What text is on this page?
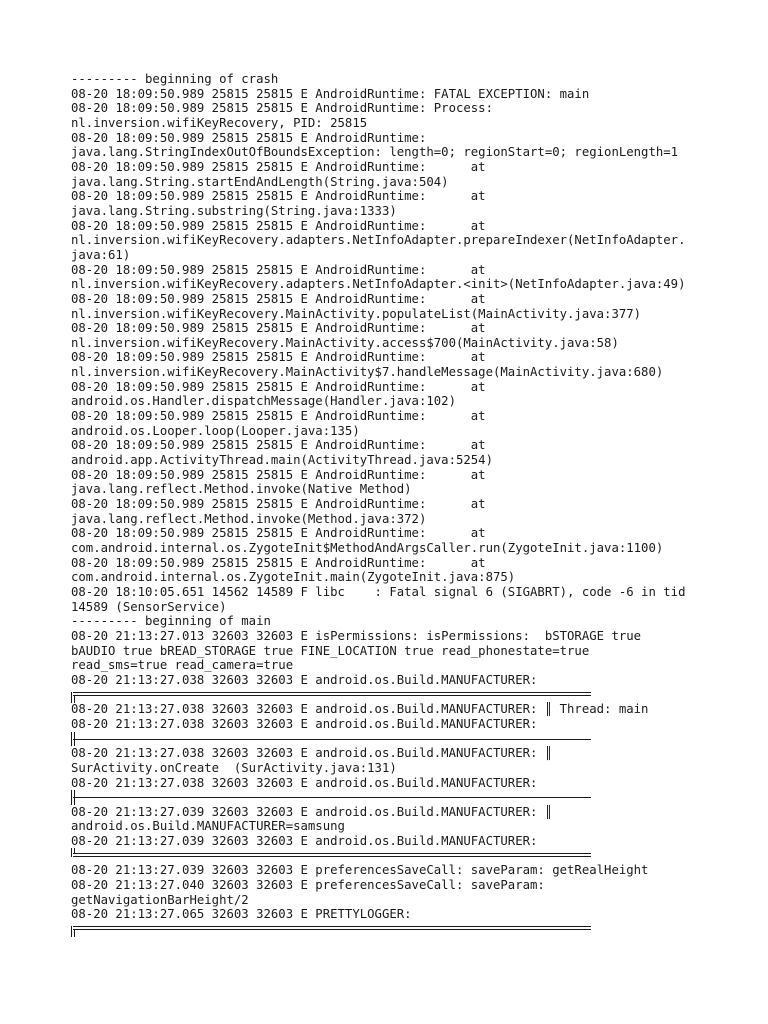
--------- beginning of crash
08-20 18:09:50.989 25815 25815 E AndroidRuntime: FATAL EXCEPTION: main
08-20 18:09:50.989 25815 25815 E AndroidRuntime: Process:
nl.inversion.wifiKeyRecovery, PID: 25815
08-20 18:09:50.989 25815 25815 E AndroidRuntime:
java.lang.StringIndexOutOfBoundsException: length=0; regionStart=0; regionLength=1
08-20 18:09:50.989 25815 25815 E AndroidRuntime:      at
java.lang.String.startEndAndLength(String.java:504)
08-20 18:09:50.989 25815 25815 E AndroidRuntime:      at
java.lang.String.substring(String.java:1333)
08-20 18:09:50.989 25815 25815 E AndroidRuntime:      at
nl.inversion.wifiKeyRecovery.adapters.NetInfoAdapter.prepareIndexer(NetInfoAdapter.
java:61)
08-20 18:09:50.989 25815 25815 E AndroidRuntime:      at
nl.inversion.wifiKeyRecovery.adapters.NetInfoAdapter.<init>(NetInfoAdapter.java:49)
08-20 18:09:50.989 25815 25815 E AndroidRuntime:      at
nl.inversion.wifiKeyRecovery.MainActivity.populateList(MainActivity.java:377)
08-20 18:09:50.989 25815 25815 E AndroidRuntime:      at
nl.inversion.wifiKeyRecovery.MainActivity.access$700(MainActivity.java:58)
08-20 18:09:50.989 25815 25815 E AndroidRuntime:      at
nl.inversion.wifiKeyRecovery.MainActivity$7.handleMessage(MainActivity.java:680)
08-20 18:09:50.989 25815 25815 E AndroidRuntime:      at
android.os.Handler.dispatchMessage(Handler.java:102)
08-20 18:09:50.989 25815 25815 E AndroidRuntime:      at
android.os.Looper.loop(Looper.java:135)
08-20 18:09:50.989 25815 25815 E AndroidRuntime:      at
android.app.ActivityThread.main(ActivityThread.java:5254)
08-20 18:09:50.989 25815 25815 E AndroidRuntime:      at
java.lang.reflect.Method.invoke(Native Method)
08-20 18:09:50.989 25815 25815 E AndroidRuntime:      at
java.lang.reflect.Method.invoke(Method.java:372)
08-20 18:09:50.989 25815 25815 E AndroidRuntime:      at
com.android.internal.os.ZygoteInit$MethodAndArgsCaller.run(ZygoteInit.java:1100)
08-20 18:09:50.989 25815 25815 E AndroidRuntime:      at
com.android.internal.os.ZygoteInit.main(ZygoteInit.java:875)
08-20 18:10:05.651 14562 14589 F libc    : Fatal signal 6 (SIGABRT), code -6 in tid
14589 (SensorService)
--------- beginning of main
08-20 21:13:27.013 32603 32603 E isPermissions: isPermissions:  bSTORAGE true
bAUDIO true bREAD_STORAGE true FINE_LOCATION true read_phonestate=true
read_sms=true read_camera=true
08-20 21:13:27.038 32603 32603 E android.os.Build.MANUFACTURER:
08-20 21:13:27.038 32603 32603 E android.os.Build.MANUFACTURER: ║ Thread: main
08-20 21:13:27.038 32603 32603 E android.os.Build.MANUFACTURER:
08-20 21:13:27.038 32603 32603 E android.os.Build.MANUFACTURER: ║
SurActivity.onCreate  (SurActivity.java:131)
08-20 21:13:27.038 32603 32603 E android.os.Build.MANUFACTURER:
08-20 21:13:27.039 32603 32603 E android.os.Build.MANUFACTURER: ║
android.os.Build.MANUFACTURER=samsung
08-20 21:13:27.039 32603 32603 E android.os.Build.MANUFACTURER:
08-20 21:13:27.039 32603 32603 E preferencesSaveCall: saveParam: getRealHeight
08-20 21:13:27.040 32603 32603 E preferencesSaveCall: saveParam:
getNavigationBarHeight/2
08-20 21:13:27.065 32603 32603 E PRETTYLOGGER:
